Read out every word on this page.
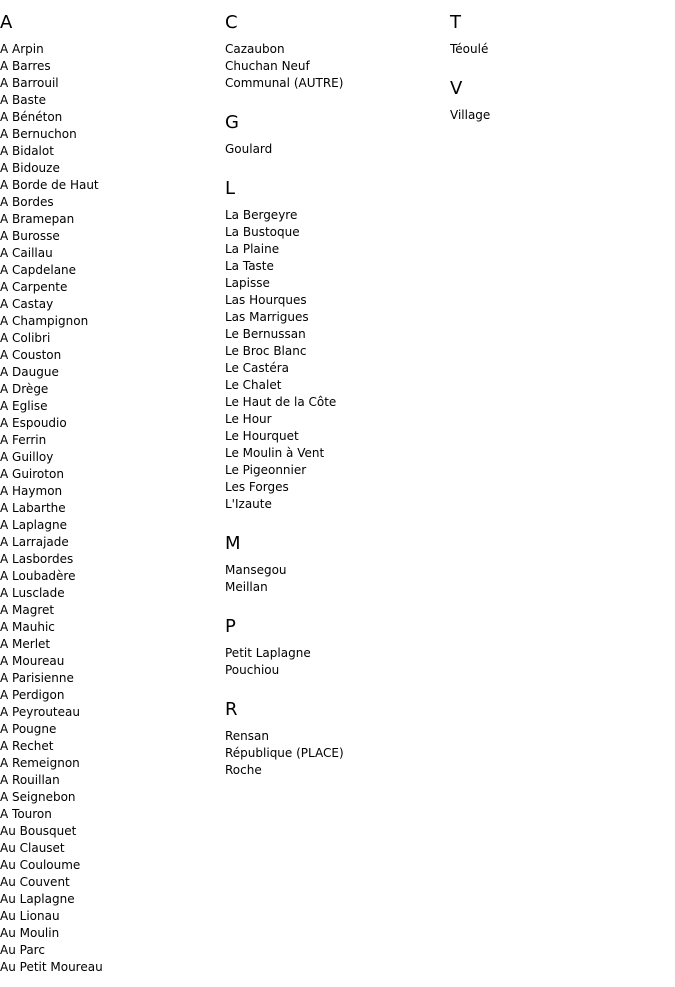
A
A Arpin
A Barres
A Barrouil
A Baste
A Bénéton
A Bernuchon
A Bidalot
A Bidouze
A Borde de Haut
A Bordes
A Bramepan
A Burosse
A Caillau
A Capdelane
A Carpente
A Castay
A Champignon
A Colibri
A Couston
A Daugue
A Drège
A Eglise
A Espoudio
A Ferrin
A Guilloy
A Guiroton
A Haymon
A Labarthe
A Laplagne
A Larrajade
A Lasbordes
A Loubadère
A Lusclade
A Magret
A Mauhic
A Merlet
A Moureau
A Parisienne
A Perdigon
A Peyrouteau
A Pougne
A Rechet
A Remeignon
A Rouillan
A Seignebon
A Touron
Au Bousquet
Au Clauset
Au Couloume
Au Couvent
Au Laplagne
Au Lionau
Au Moulin
Au Parc
Au Petit Moureau
C
Cazaubon
Chuchan Neuf
Communal (AUTRE)
G
Goulard
L
La Bergeyre
La Bustoque
La Plaine
La Taste
Lapisse
Las Hourques
Las Marrigues
Le Bernussan
Le Broc Blanc
Le Castéra
Le Chalet
Le Haut de la Côte
Le Hour
Le Hourquet
Le Moulin à Vent
Le Pigeonnier
Les Forges
L'Izaute
M
Mansegou
Meillan
P
Petit Laplagne
Pouchiou
R
Rensan
République (PLACE)
Roche
T
Téoulé
V
Village
